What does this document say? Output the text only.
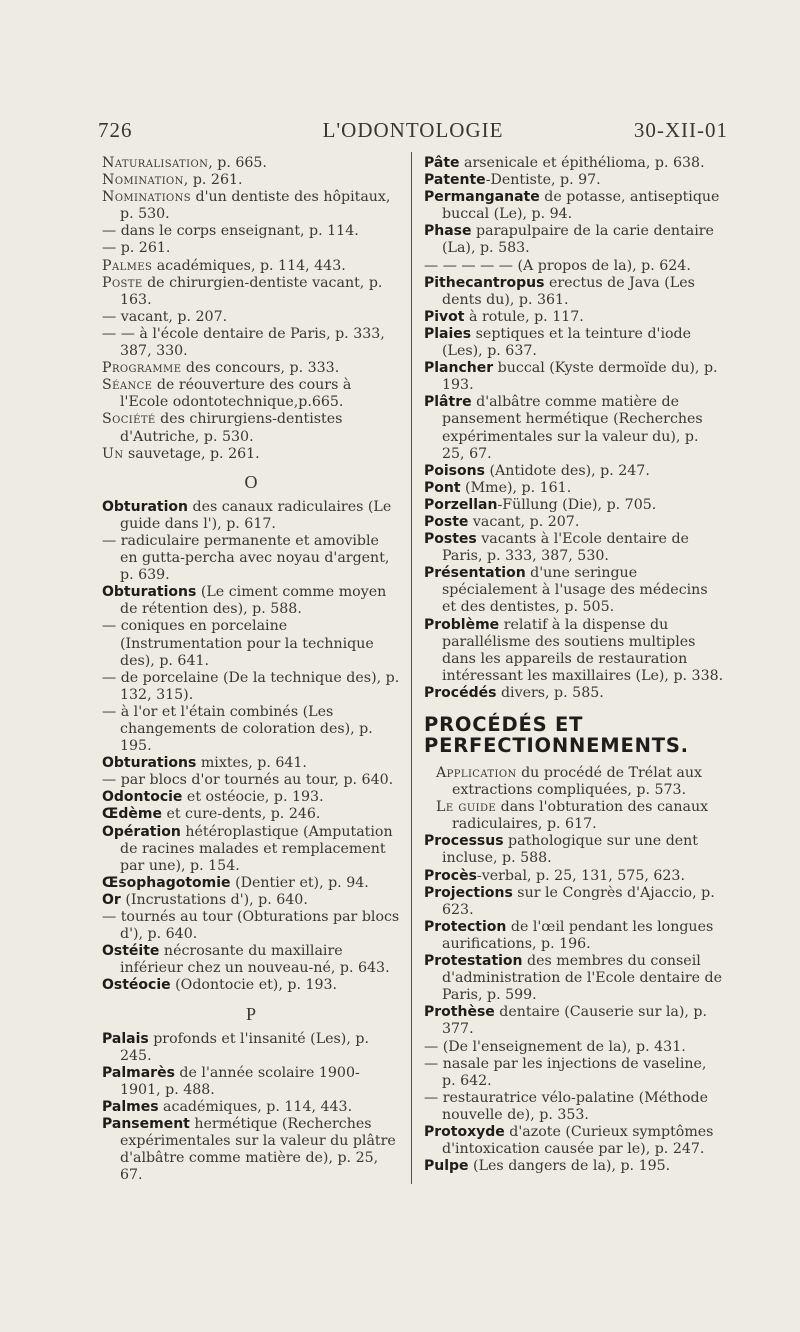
726	L'ODONTOLOGIE	30-XII-01

Naturalisation, p. 665.

Nomination, p. 261.

Nominations d'un dentiste des hôpitaux, p. 530.

— dans le corps enseignant, p. 114.

— p. 261.

Palmes académiques, p. 114, 443.

Poste de chirurgien-dentiste vacant, p. 163.

— vacant, p. 207.

— — à l'école dentaire de Paris, p. 333, 387, 330.

Programme des concours, p. 333.

Séance de réouverture des cours à l'Ecole odontotechnique,p.665.

Société des chirurgiens-dentistes d'Autriche, p. 530.

Un sauvetage, p. 261.

O

Obturation des canaux radiculaires (Le guide dans l'), p. 617.

— radiculaire permanente et amovible en gutta-percha avec noyau d'argent, p. 639.

Obturations (Le ciment comme moyen de rétention des), p. 588.

— coniques en porcelaine (Instrumentation pour la technique des), p. 641.

— de porcelaine (De la technique des), p. 132, 315).

— à l'or et l'étain combinés (Les changements de coloration des), p. 195.

Obturations mixtes, p. 641.

— par blocs d'or tournés au tour, p. 640.

Odontocie et ostéocie, p. 193.

Œdème et cure-dents, p. 246.

Opération hétéroplastique (Amputation de racines malades et remplacement par une), p. 154.

Œsophagotomie (Dentier et), p. 94.

Or (Incrustations d'), p. 640.

— tournés au tour (Obturations par blocs d'), p. 640.

Ostéite nécrosante du maxillaire inférieur chez un nouveau-né, p. 643.

Ostéocie (Odontocie et), p. 193.

P

Palais profonds et l'insanité (Les), p. 245.

Palmarès de l'année scolaire 1900-1901, p. 488.

Palmes académiques, p. 114, 443.

Pansement hermétique (Recherches expérimentales sur la valeur du plâtre d'albâtre comme matière de), p. 25, 67.

Pâte arsenicale et épithélioma, p. 638.

Patente-Dentiste, p. 97.

Permanganate de potasse, antiseptique buccal (Le), p. 94.

Phase parapulpaire de la carie dentaire (La), p. 583.

— — — — — (A propos de la), p. 624.

Pithecantropus erectus de Java (Les dents du), p. 361.

Pivot à rotule, p. 117.

Plaies septiques et la teinture d'iode (Les), p. 637.

Plancher buccal (Kyste dermoïde du), p. 193.

Plâtre d'albâtre comme matière de pansement hermétique (Recherches expérimentales sur la valeur du), p. 25, 67.

Poisons (Antidote des), p. 247.

Pont (Mme), p. 161.

Porzellan-Füllung (Die), p. 705.

Poste vacant, p. 207.

Postes vacants à l'Ecole dentaire de Paris, p. 333, 387, 530.

Présentation d'une seringue spécialement à l'usage des médecins et des dentistes, p. 505.

Problème relatif à la dispense du parallélisme des soutiens multiples dans les appareils de restauration intéressant les maxillaires (Le), p. 338.

Procédés divers, p. 585.

PROCÉDÉS ET PERFECTIONNEMENTS.

Application du procédé de Trélat aux extractions compliquées, p. 573.

Le guide dans l'obturation des canaux radiculaires, p. 617.

Processus pathologique sur une dent incluse, p. 588.

Procès-verbal, p. 25, 131, 575, 623.

Projections sur le Congrès d'Ajaccio, p. 623.

Protection de l'œil pendant les longues aurifications, p. 196.

Protestation des membres du conseil d'administration de l'Ecole dentaire de Paris, p. 599.

Prothèse dentaire (Causerie sur la), p. 377.

— (De l'enseignement de la), p. 431.

— nasale par les injections de vaseline, p. 642.

— restauratrice vélo-palatine (Méthode nouvelle de), p. 353.

Protoxyde d'azote (Curieux symptômes d'intoxication causée par le), p. 247.

Pulpe (Les dangers de la), p. 195.
